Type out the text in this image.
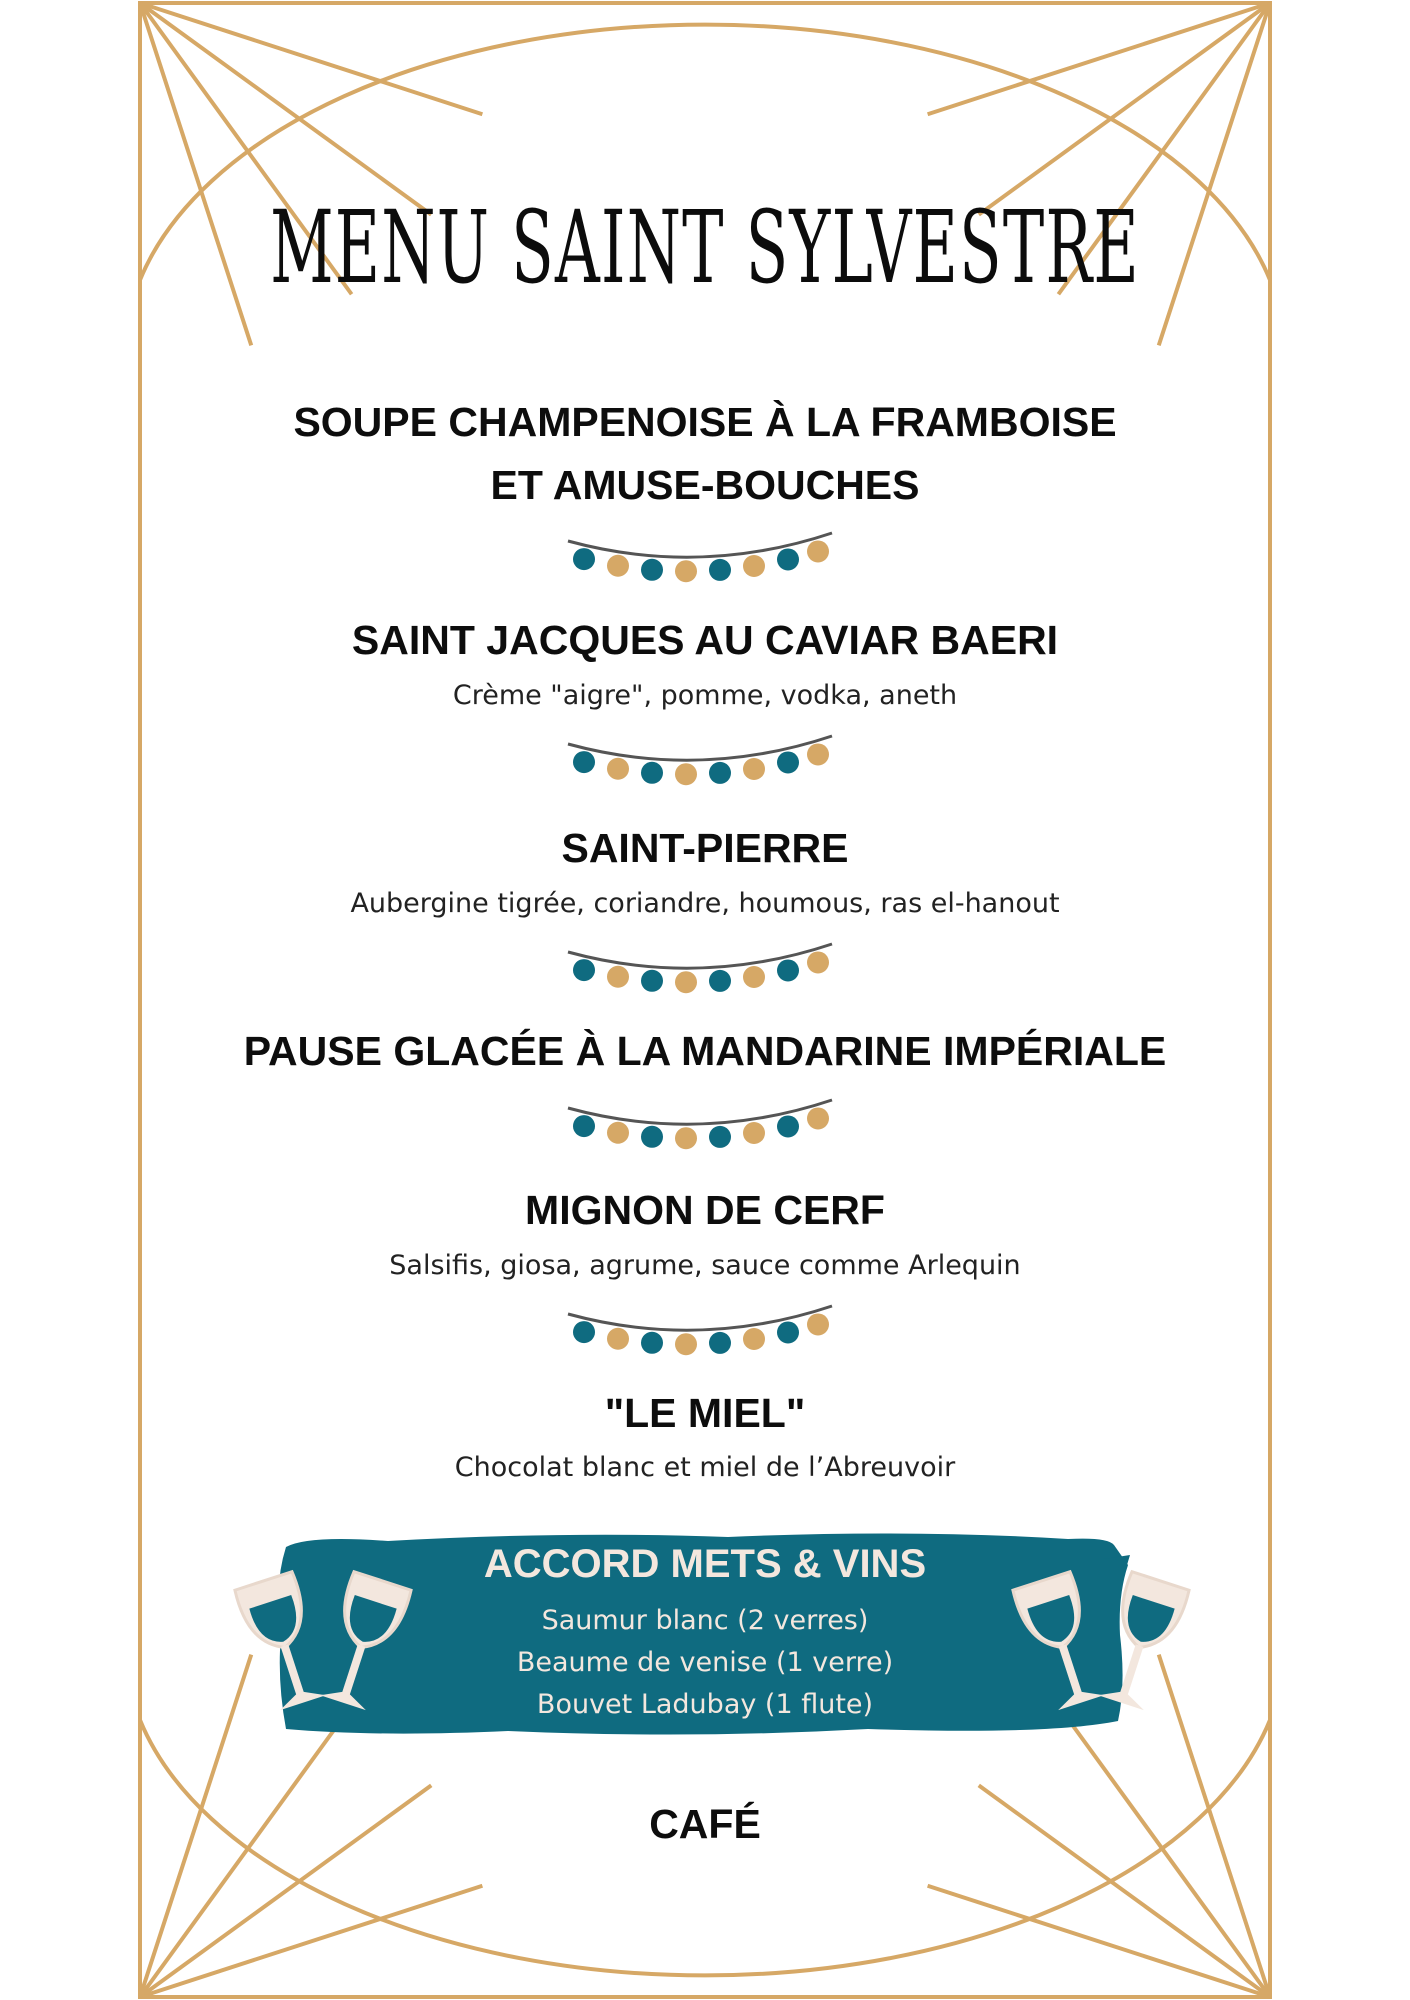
MENU SAINT SYLVESTRE
SOUPE CHAMPENOISE À LA FRAMBOISE
ET AMUSE-BOUCHES
SAINT JACQUES AU CAVIAR BAERI
Crème "aigre", pomme, vodka, aneth
SAINT-PIERRE
Aubergine tigrée, coriandre, houmous, ras el-hanout
PAUSE GLACÉE À LA MANDARINE IMPÉRIALE
MIGNON DE CERF
Salsifis, giosa, agrume, sauce comme Arlequin
"LE MIEL"
Chocolat blanc et miel de l’Abreuvoir
ACCORD METS & VINS
Saumur blanc (2 verres)
Beaume de venise (1 verre)
Bouvet Ladubay (1 flute)
CAFÉ
